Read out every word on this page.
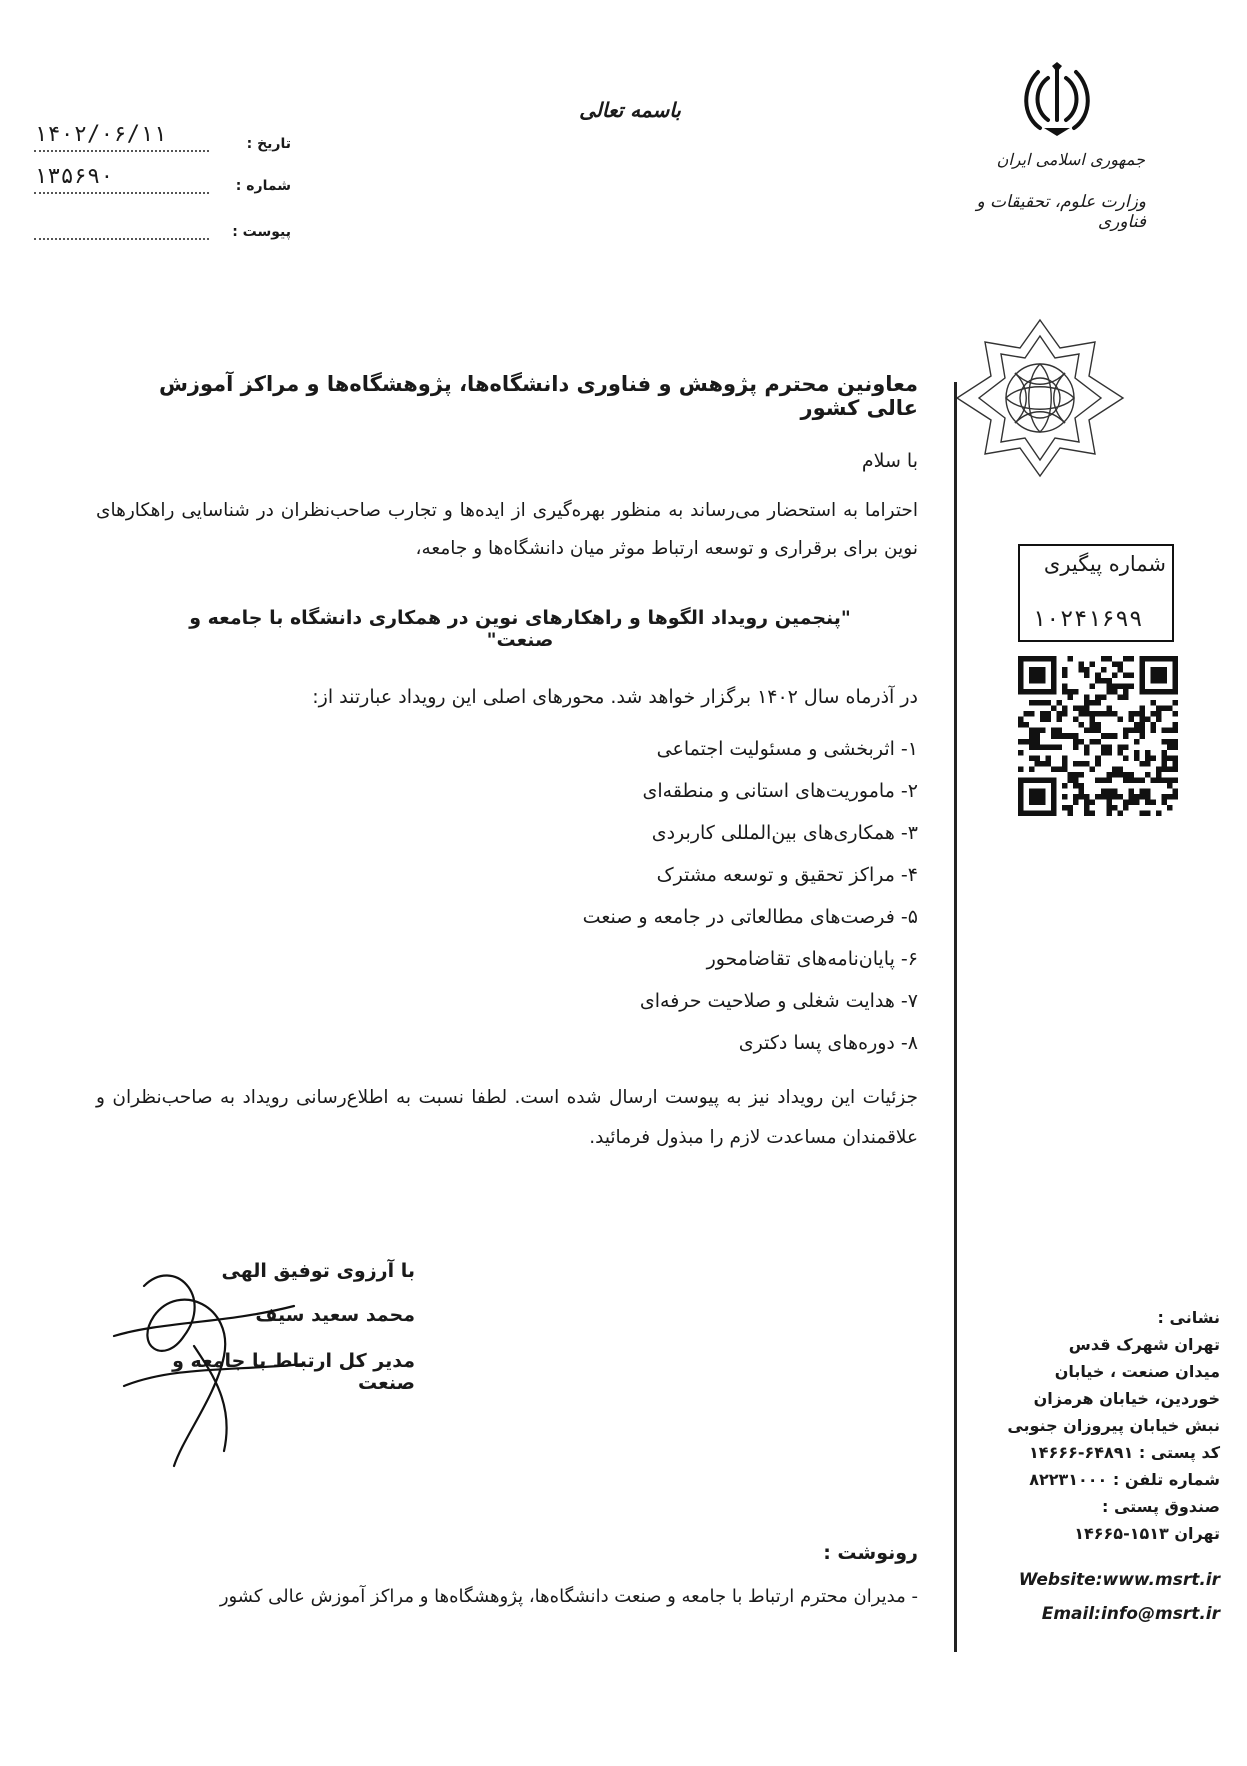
۱۴۰۲/۰۶/۱۱	تاریخ :
۱۳۵۶۹۰	شماره :
پیوست :
باسمه تعالی
جمهوری اسلامی ایران
وزارت علوم، تحقیقات و فناوری
شماره پیگیری
۱۰۲۴۱۶۹۹
نشانی :
تهران شهرک قدس
میدان صنعت ، خیابان
خوردین، خیابان هرمزان
نبش خیابان پیروزان جنوبی
کد پستی : ۶۴۸۹۱-۱۴۶۶۶
شماره تلفن : ۸۲۲۳۱۰۰۰
صندوق پستی :
تهران ۱۵۱۳-۱۴۶۶۵
Website:www.msrt.ir
Email:info@msrt.ir
معاونین محترم پژوهش و فناوری دانشگاه‌ها، پژوهشگاه‌ها و مراکز آموزش عالی کشور
با سلام
احتراما به استحضار می‌رساند به منظور بهره‌گیری از ایده‌ها و تجارب صاحب‌نظران در شناسایی راهکارهای نوین برای برقراری و توسعه ارتباط موثر میان دانشگاه‌ها و جامعه،
"پنجمین رویداد الگوها و راهکارهای نوین در همکاری دانشگاه با جامعه و صنعت"
در آذرماه سال ۱۴۰۲ برگزار خواهد شد. محورهای اصلی این رویداد عبارتند از:
۱- اثربخشی و مسئولیت اجتماعی
۲- ماموریت‌های استانی و منطقه‌ای
۳- همکاری‌های بین‌المللی کاربردی
۴- مراکز تحقیق و توسعه مشترک
۵- فرصت‌های مطالعاتی در جامعه و صنعت
۶- پایان‌نامه‌های تقاضامحور
۷- هدایت شغلی و صلاحیت حرفه‌ای
۸- دوره‌های پسا دکتری
جزئیات این رویداد نیز به پیوست ارسال شده است. لطفا نسبت به اطلاع‌رسانی رویداد به صاحب‌نظران و علاقمندان مساعدت لازم را مبذول فرمائید.
با آرزوی توفیق الهی
محمد سعید سیف
مدیر کل ارتباط با جامعه و صنعت
رونوشت :
- مدیران محترم ارتباط با جامعه و صنعت دانشگاه‌ها، پژوهشگاه‌ها و مراکز آموزش عالی کشور
